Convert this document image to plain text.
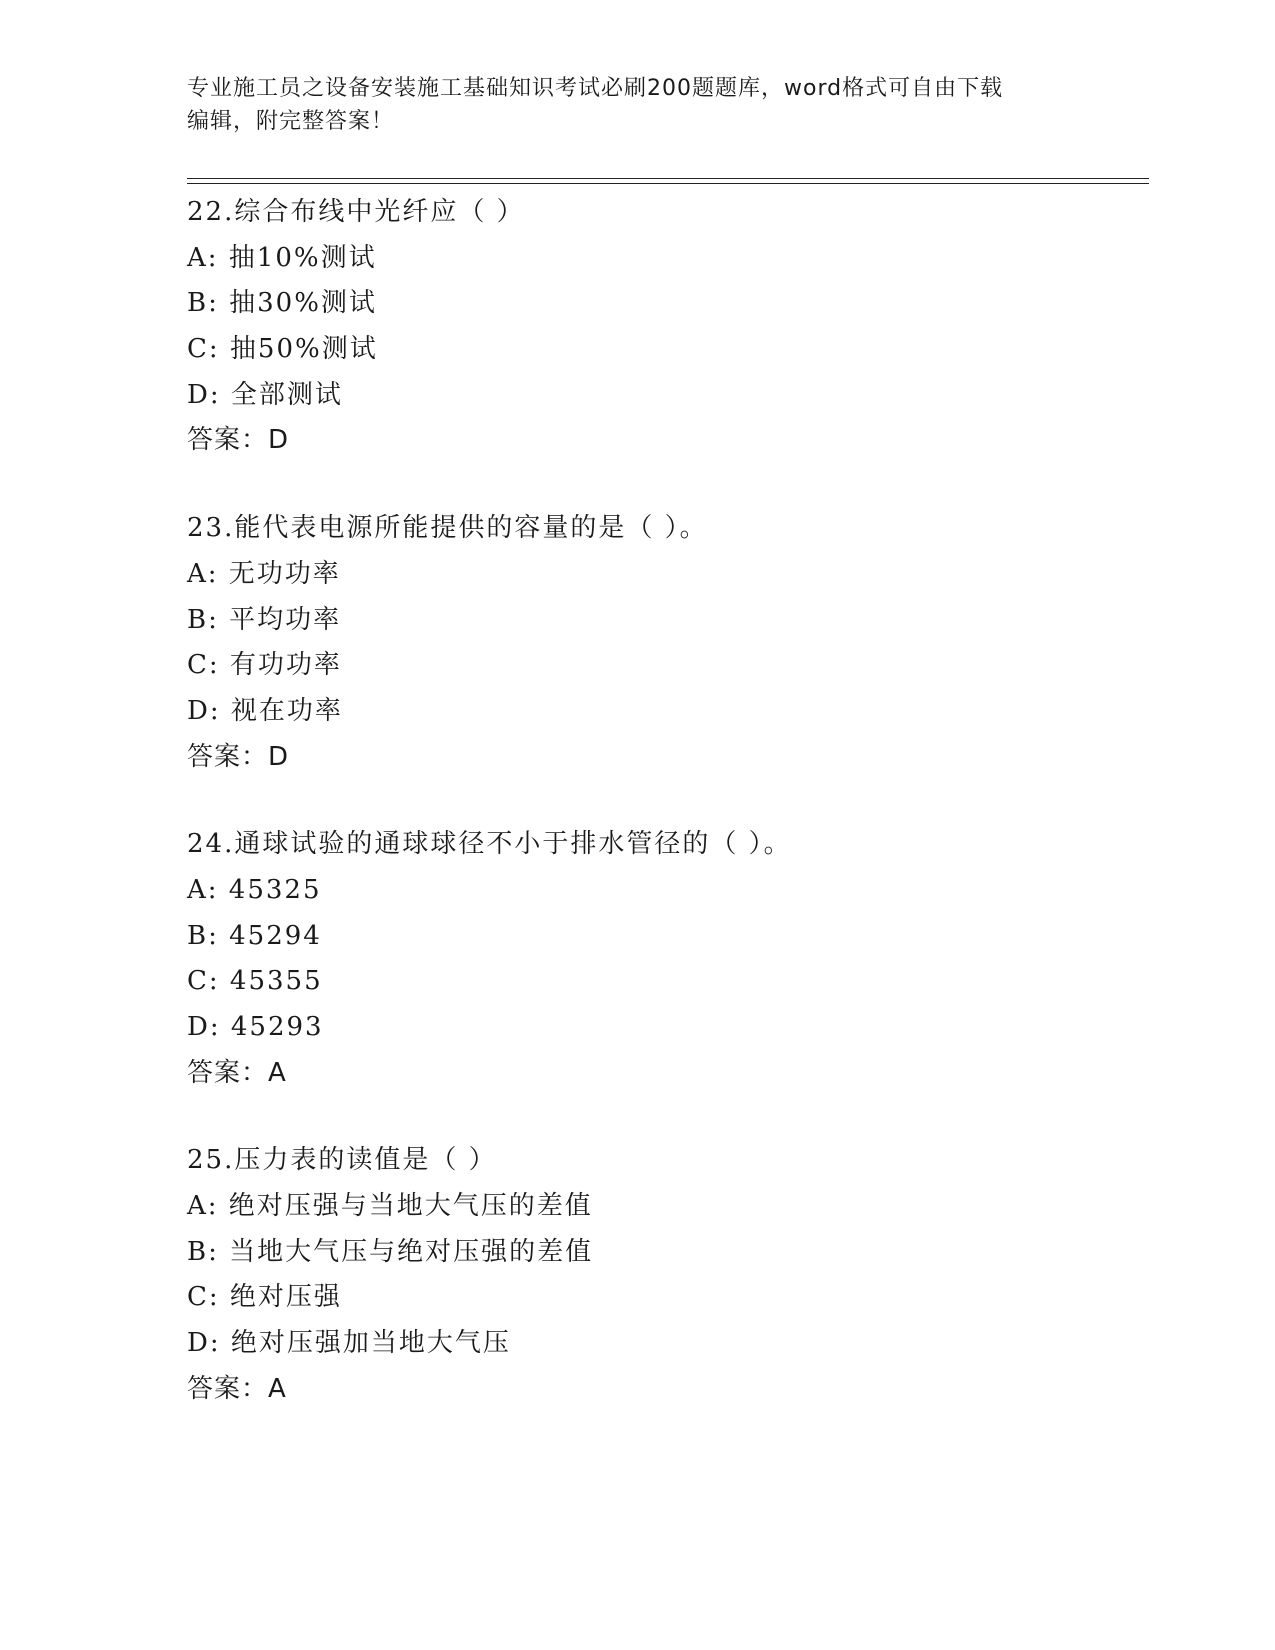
专业施工员之设备安装施工基础知识考试必刷200题题库，word格式可自由下载
编辑，附完整答案！
22.综合布线中光纤应（ ）
A: 抽10%测试
B: 抽30%测试
C: 抽50%测试
D: 全部测试
答案：D
23.能代表电源所能提供的容量的是（ ）。
A: 无功功率
B: 平均功率
C: 有功功率
D: 视在功率
答案：D
24.通球试验的通球球径不小于排水管径的（ ）。
A: 45325
B: 45294
C: 45355
D: 45293
答案：A
25.压力表的读值是（ ）
A: 绝对压强与当地大气压的差值
B: 当地大气压与绝对压强的差值
C: 绝对压强
D: 绝对压强加当地大气压
答案：A
